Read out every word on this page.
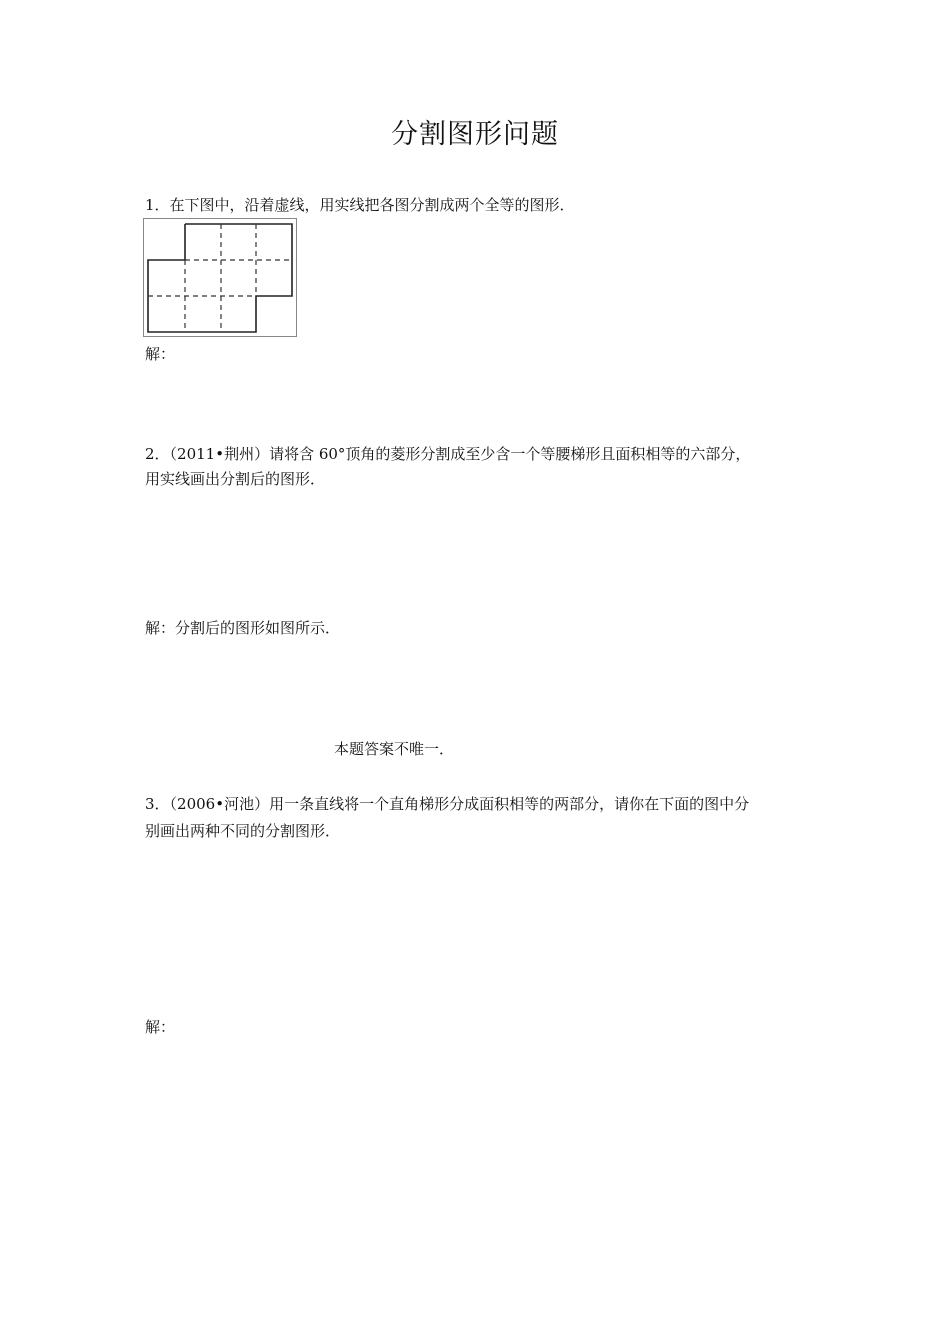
分割图形问题
1．在下图中，沿着虚线，用实线把各图分割成两个全等的图形．
解：
2．（2011•荆州）请将含 60°顶角的菱形分割成至少含一个等腰梯形且面积相等的六部分，
用实线画出分割后的图形．
解：分割后的图形如图所示．
本题答案不唯一．
3．（2006•河池）用一条直线将一个直角梯形分成面积相等的两部分，请你在下面的图中分
别画出两种不同的分割图形．
解：
